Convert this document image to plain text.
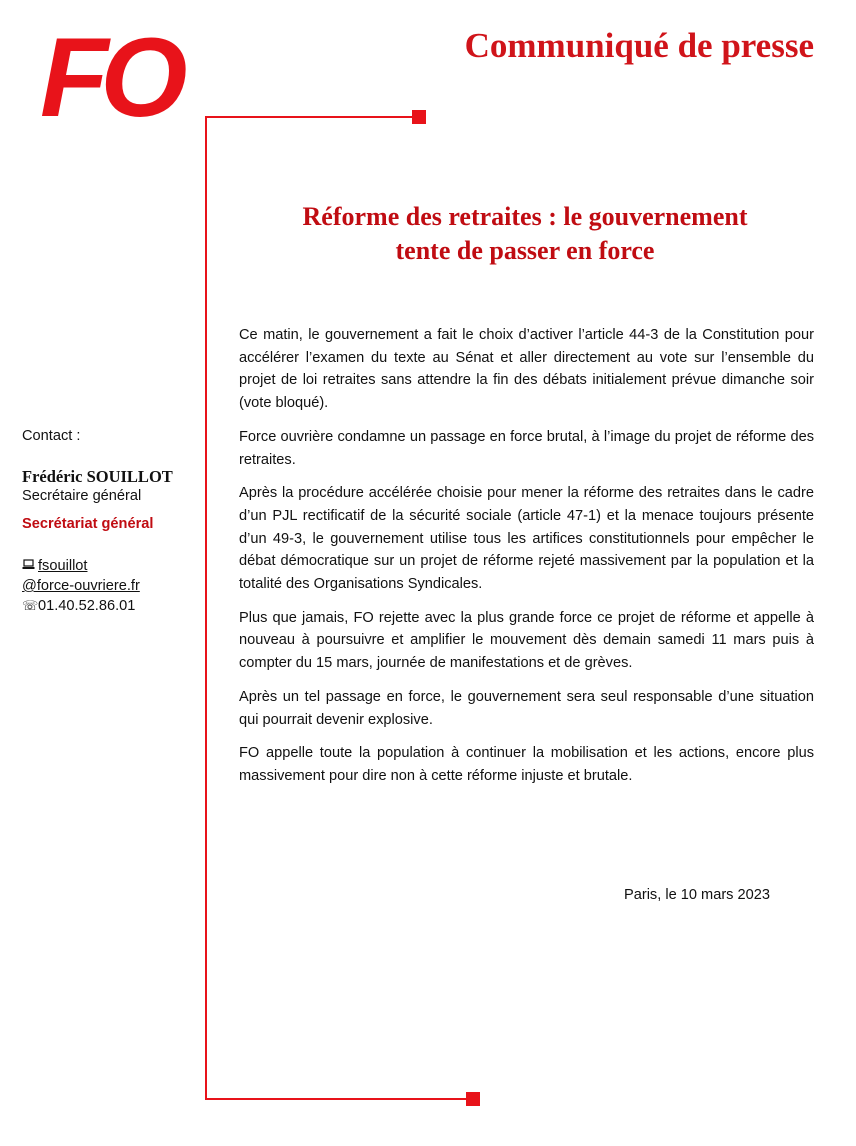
FO	Communiqué de presse
Réforme des retraites : le gouvernement
tente de passer en force

Ce matin, le gouvernement a fait le choix d’activer l’article 44-3 de la Constitution pour accélérer l’examen du texte au Sénat et aller directement au vote sur l’ensemble du projet de loi retraites sans attendre la fin des débats initialement prévue dimanche soir (vote bloqué).

Force ouvrière condamne un passage en force brutal, à l’image du projet de réforme des retraites.

Après la procédure accélérée choisie pour mener la réforme des retraites dans le cadre d’un PJL rectificatif de la sécurité sociale (article 47-1) et la menace toujours présente d’un 49-3, le gouvernement utilise tous les artifices constitutionnels pour empêcher le débat démocratique sur un projet de réforme rejeté massivement par la population et la totalité des Organisations Syndicales.

Plus que jamais, FO rejette avec la plus grande force ce projet de réforme et appelle à nouveau à poursuivre et amplifier le mouvement dès demain samedi 11 mars puis à compter du 15 mars, journée de manifestations et de grèves.

Après un tel passage en force, le gouvernement sera seul responsable d’une situation qui pourrait devenir explosive.

FO appelle toute la population à continuer la mobilisation et les actions, encore plus massivement pour dire non à cette réforme injuste et brutale.

Paris, le 10 mars 2023
Contact :
Frédéric SOUILLOT
Secrétaire général
Secrétariat général
fsouillot
@force-ouvriere.fr
☏01.40.52.86.01
